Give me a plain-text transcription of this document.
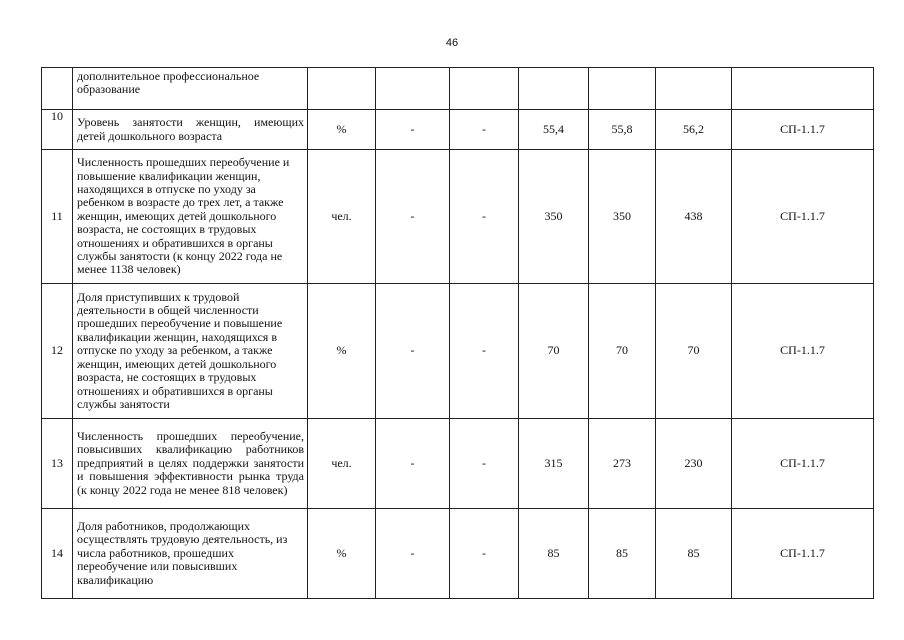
46
	дополнительное профессиональное образование							
10	Уровень занятости женщин, имеющих детей дошкольного возраста	%	-	-	55,4	55,8	56,2	СП-1.1.7
11	Численность прошедших переобучение и повышение квалификации женщин, находящихся в отпуске по уходу за ребенком в возрасте до трех лет, а также женщин, имеющих детей дошкольного возраста, не состоящих в трудовых отношениях и обратившихся в органы службы занятости (к концу 2022 года не менее 1138 человек)	чел.	-	-	350	350	438	СП-1.1.7
12	Доля приступивших к трудовой деятельности в общей численности прошедших переобучение и повышение квалификации женщин, находящихся в отпуске по уходу за ребенком, а также женщин, имеющих детей дошкольного возраста, не состоящих в трудовых отношениях и обратившихся в органы службы занятости	%	-	-	70	70	70	СП-1.1.7
13	Численность прошедших переобучение, повысивших квалификацию работников предприятий в целях поддержки занятости и повышения эффективности рынка труда (к концу 2022 года не менее 818 человек)	чел.	-	-	315	273	230	СП-1.1.7
14	Доля работников, продолжающих осуществлять трудовую деятельность, из числа работников, прошедших переобучение или повысивших квалификацию	%	-	-	85	85	85	СП-1.1.7
